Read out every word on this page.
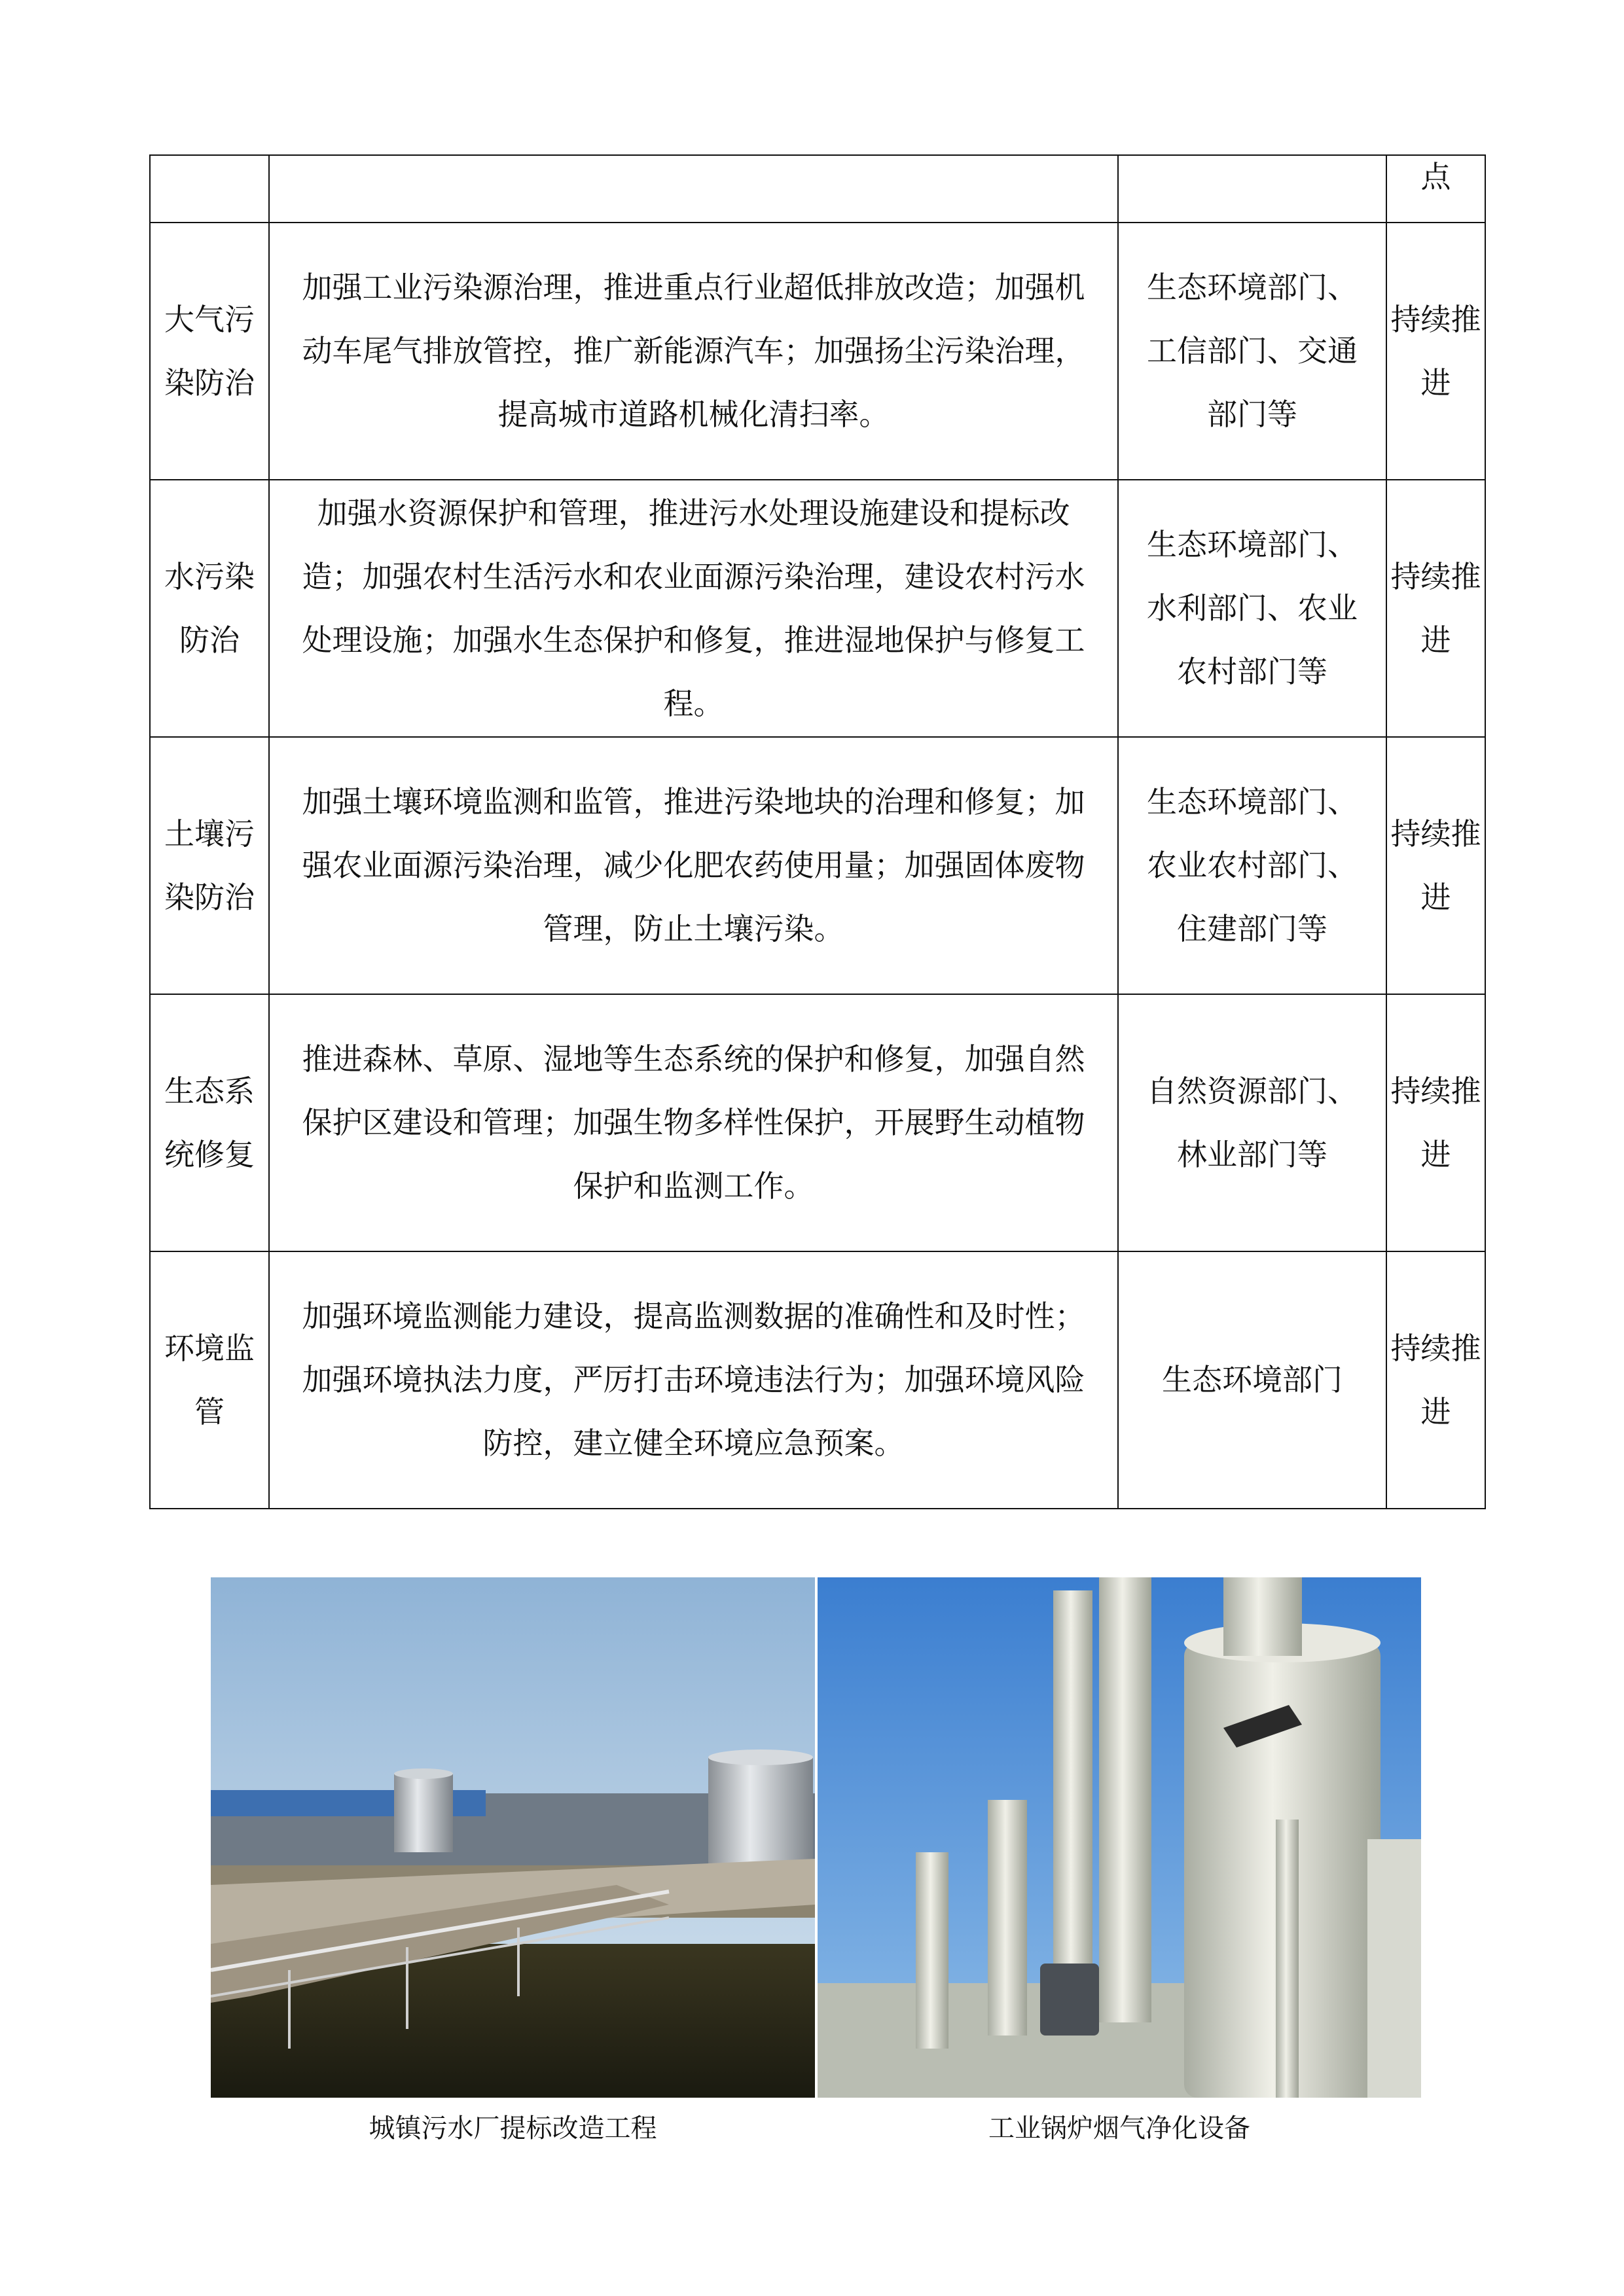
			点
大气污染防治	加强工业污染源治理，推进重点行业超低排放改造；加强机动车尾气排放管控，推广新能源汽车；加强扬尘污染治理，提高城市道路机械化清扫率。	生态环境部门、工信部门、交通部门等	持续推进
水污染防治	加强水资源保护和管理，推进污水处理设施建设和提标改造；加强农村生活污水和农业面源污染治理，建设农村污水处理设施；加强水生态保护和修复，推进湿地保护与修复工程。	生态环境部门、水利部门、农业农村部门等	持续推进
土壤污染防治	加强土壤环境监测和监管，推进污染地块的治理和修复；加强农业面源污染治理，减少化肥农药使用量；加强固体废物管理，防止土壤污染。	生态环境部门、农业农村部门、住建部门等	持续推进
生态系统修复	推进森林、草原、湿地等生态系统的保护和修复，加强自然保护区建设和管理；加强生物多样性保护，开展野生动植物保护和监测工作。	自然资源部门、林业部门等	持续推进
环境监管	加强环境监测能力建设，提高监测数据的准确性和及时性；加强环境执法力度，严厉打击环境违法行为；加强环境风险防控，建立健全环境应急预案。	生态环境部门	持续推进
城镇污水厂提标改造工程	工业锅炉烟气净化设备
